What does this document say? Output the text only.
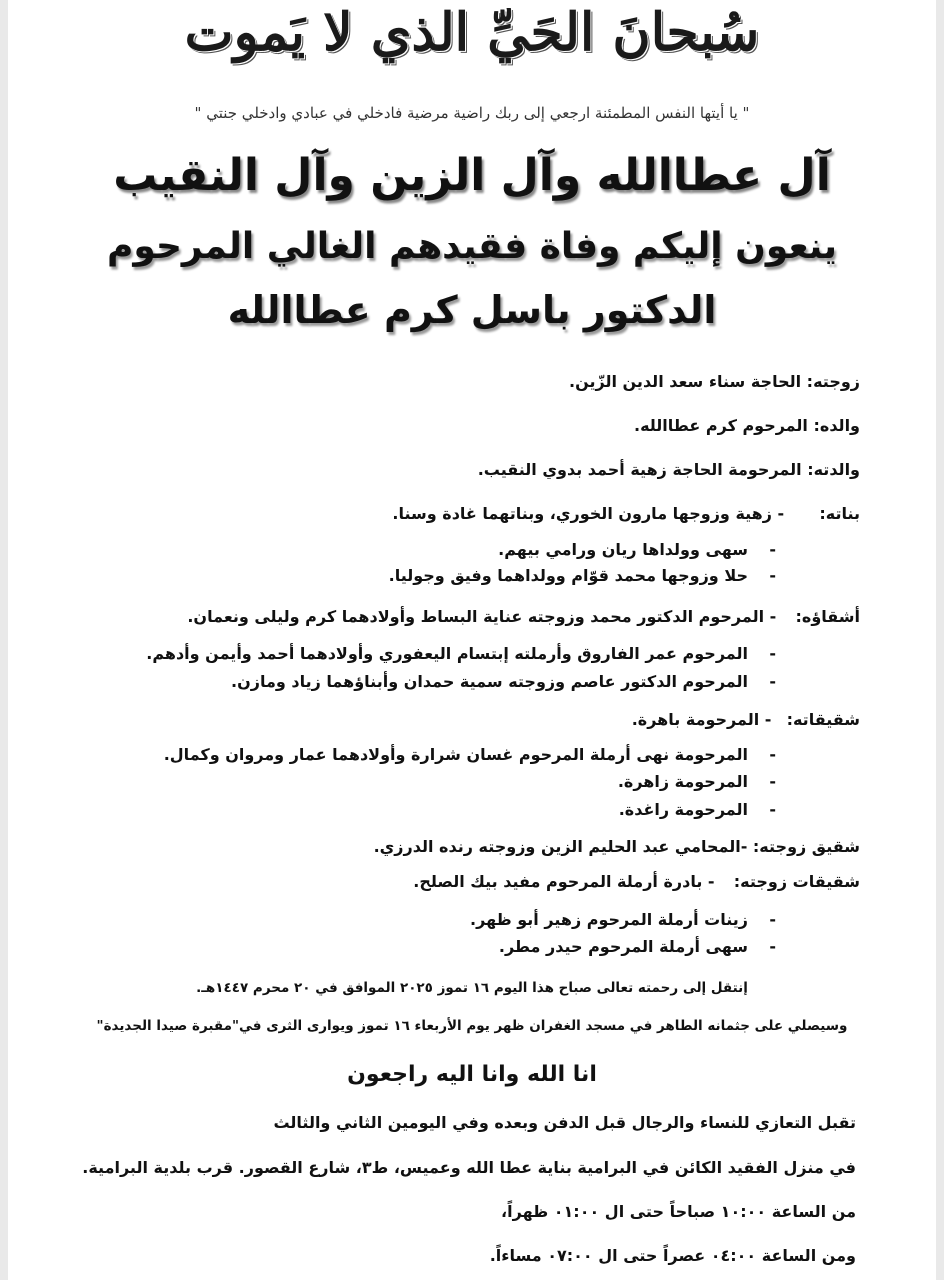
سُبحانَ الحَيِّ الذي لا يَموت
" يا أيتها النفس المطمئنة ارجعي إلى ربك راضية مرضية فادخلي في عبادي وادخلي جنتي "
آل عطاالله وآل الزين وآل النقيب
ينعون إليكم وفاة فقيدهم الغالي المرحوم
الدكتور باسل كرم عطاالله
زوجته: الحاجة سناء سعد الدين الزّين.
والده: المرحوم كرم عطاالله.
والدته: المرحومة الحاجة زهية أحمد بدوي النقيب.
بناته:  - زهية وزوجها مارون الخوري، وبناتهما غادة وسنا.
-سهى وولداها ريان ورامي بيهم.
-حلا وزوجها محمد قوّام وولداهما وفيق وجوليا.
أشقاؤه:  - المرحوم الدكتور محمد وزوجته عناية البساط وأولادهما كرم وليلى ونعمان.
-المرحوم عمر الفاروق وأرملته إبتسام اليعفوري وأولادهما أحمد وأيمن وأدهم.
-المرحوم الدكتور عاصم وزوجته سمية حمدان وأبناؤهما زياد ومازن.
شقيقاته:  - المرحومة باهرة.
-المرحومة نهى أرملة المرحوم غسان شرارة وأولادهما عمار ومروان وكمال.
-المرحومة زاهرة.
-المرحومة راغدة.
شقيق زوجته: -المحامي عبد الحليم الزين وزوجته رنده الدرزي.
شقيقات زوجته:  - بادرة أرملة المرحوم مفيد بيك الصلح.
-زينات أرملة المرحوم زهير أبو ظهر.
-سهى أرملة المرحوم حيدر مطر.
إنتقل إلى رحمته تعالى صباح هذا اليوم ١٦ تموز ٢٠٢٥ الموافق في ٢٠ محرم ١٤٤٧هـ.
وسيصلي على جثمانه الطاهر في مسجد الغفران ظهر يوم الأربعاء ١٦ تموز ويوارى الثرى في"مقبرة صيدا الجديدة"
انا الله وانا اليه راجعون
تقبل التعازي للنساء والرجال قبل الدفن وبعده وفي اليومين الثاني والثالث
في منزل الفقيد الكائن في البرامية بناية عطا الله وعميس، ط٣، شارع القصور. قرب بلدية البرامية.
من الساعة ١٠:٠٠ صباحاً حتى ال ٠١:٠٠ ظهراً،
ومن الساعة ٠٤:٠٠ عصراً حتى ال ٠٧:٠٠ مساءاً.
